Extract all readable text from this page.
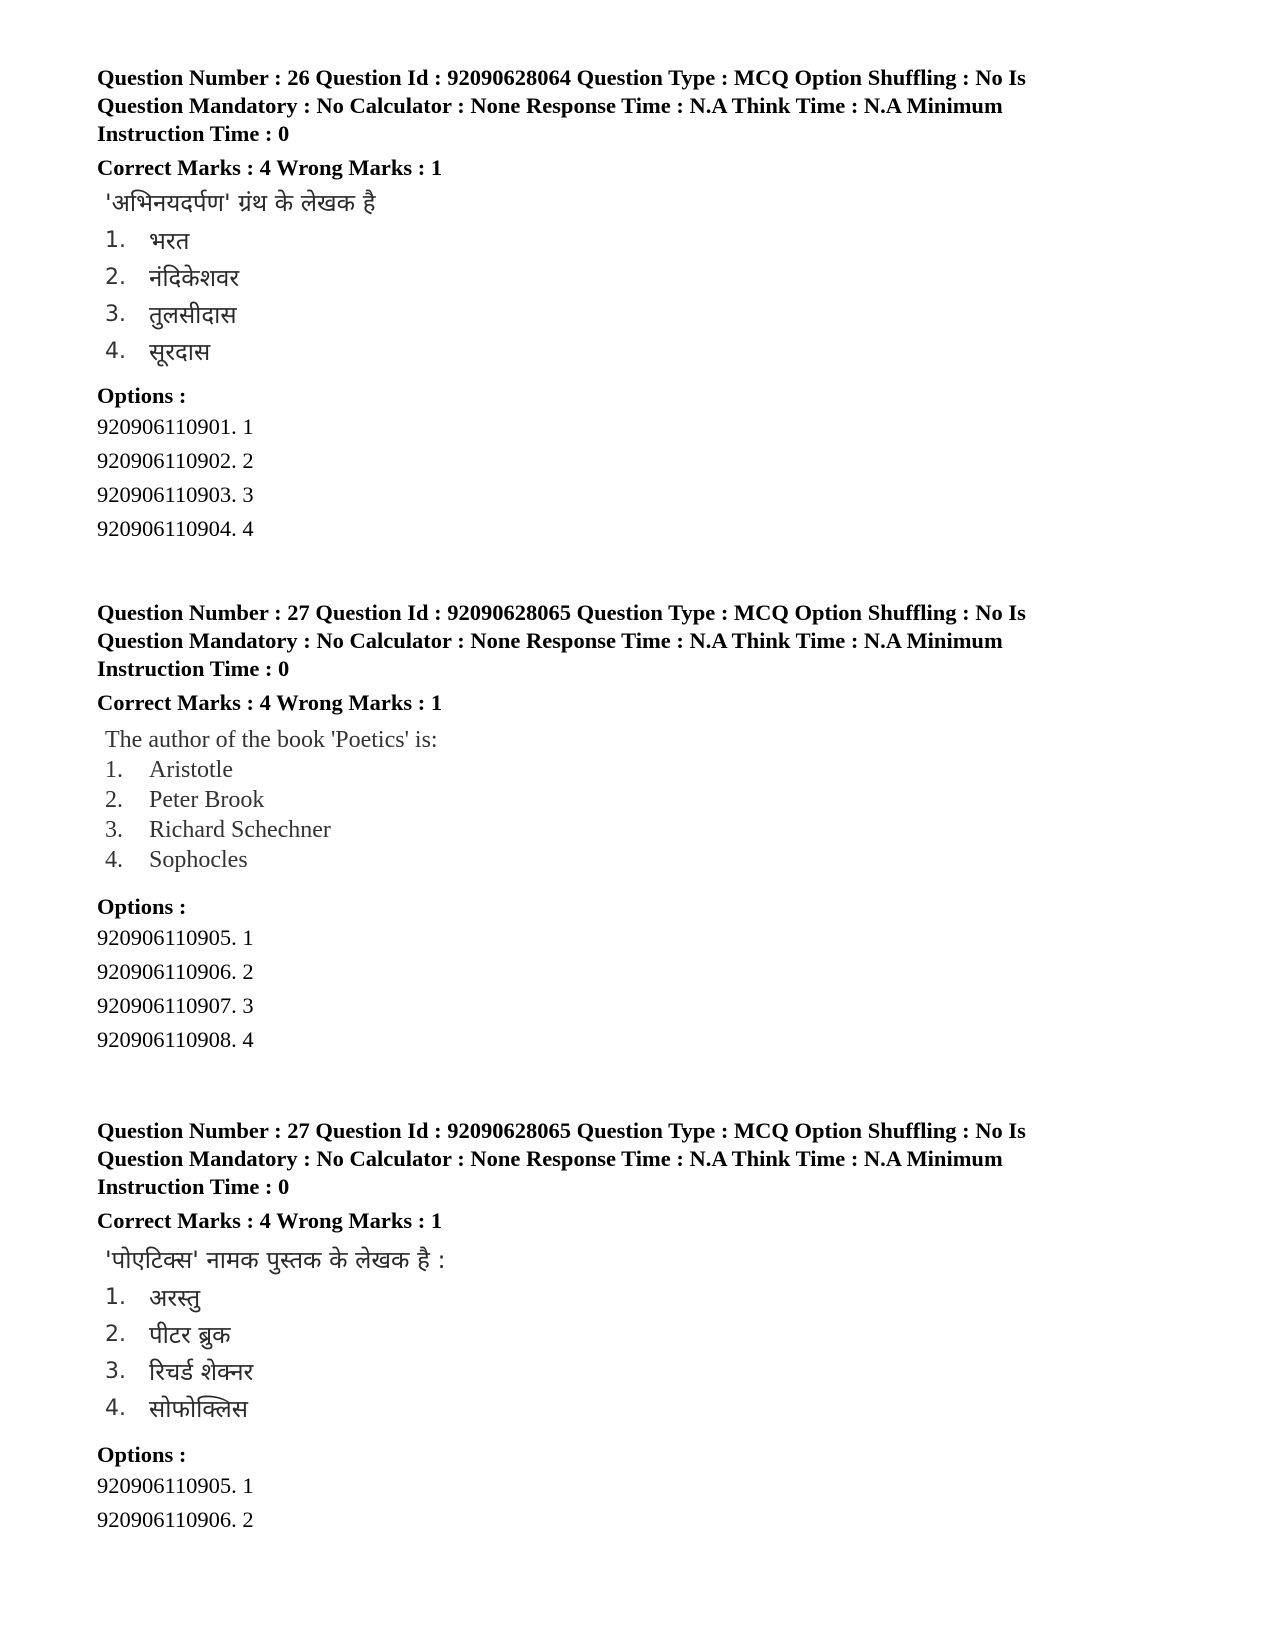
Question Number : 26 Question Id : 92090628064 Question Type : MCQ Option Shuffling : No Is

Question Mandatory : No Calculator : None Response Time : N.A Think Time : N.A Minimum

Instruction Time : 0

Correct Marks : 4 Wrong Marks : 1

'अभिनयदर्पण' ग्रंथ के लेखक है
1. भरत
2. नंदिकेशवर
3. तुलसीदास
4. सूरदास

Options :

920906110901. 1
920906110902. 2
920906110903. 3
920906110904. 4

Question Number : 27 Question Id : 92090628065 Question Type : MCQ Option Shuffling : No Is

Question Mandatory : No Calculator : None Response Time : N.A Think Time : N.A Minimum

Instruction Time : 0

Correct Marks : 4 Wrong Marks : 1

The author of the book 'Poetics' is:
1.	Aristotle
2.	Peter Brook
3.	Richard Schechner
4.	Sophocles

Options :

920906110905. 1
920906110906. 2
920906110907. 3
920906110908. 4

Question Number : 27 Question Id : 92090628065 Question Type : MCQ Option Shuffling : No Is

Question Mandatory : No Calculator : None Response Time : N.A Think Time : N.A Minimum

Instruction Time : 0

Correct Marks : 4 Wrong Marks : 1

'पोएटिक्स' नामक पुस्तक के लेखक है :
1. अरस्तु
2. पीटर ब्रुक
3. रिचर्ड शेक्नर
4. सोफोक्लिस

Options :

920906110905. 1
920906110906. 2
